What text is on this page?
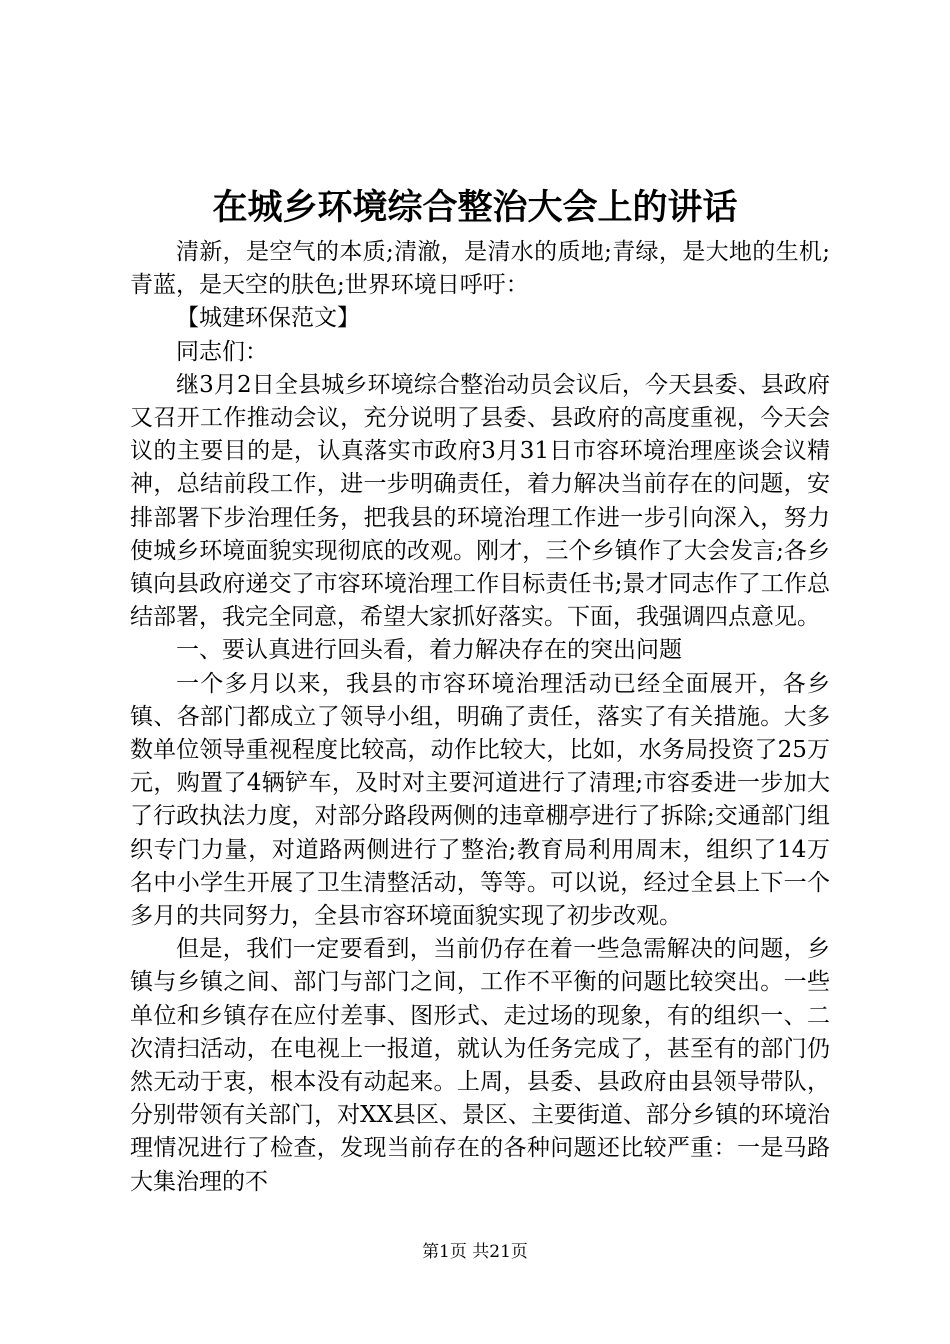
在城乡环境综合整治大会上的讲话

清新，是空气的本质;清澈，是清水的质地;青绿，是大地的生机;青蓝，是天空的肤色;世界环境日呼吁：

【城建环保范文】

同志们：

继3月2日全县城乡环境综合整治动员会议后，今天县委、县政府又召开工作推动会议，充分说明了县委、县政府的高度重视，今天会议的主要目的是，认真落实市政府3月31日市容环境治理座谈会议精神，总结前段工作，进一步明确责任，着力解决当前存在的问题，安排部署下步治理任务，把我县的环境治理工作进一步引向深入，努力使城乡环境面貌实现彻底的改观。刚才，三个乡镇作了大会发言;各乡镇向县政府递交了市容环境治理工作目标责任书;景才同志作了工作总结部署，我完全同意，希望大家抓好落实。下面，我强调四点意见。

一、要认真进行回头看，着力解决存在的突出问题

一个多月以来，我县的市容环境治理活动已经全面展开，各乡镇、各部门都成立了领导小组，明确了责任，落实了有关措施。大多数单位领导重视程度比较高，动作比较大，比如，水务局投资了25万元，购置了4辆铲车，及时对主要河道进行了清理;市容委进一步加大了行政执法力度，对部分路段两侧的违章棚亭进行了拆除;交通部门组织专门力量，对道路两侧进行了整治;教育局利用周末，组织了14万名中小学生开展了卫生清整活动，等等。可以说，经过全县上下一个多月的共同努力，全县市容环境面貌实现了初步改观。

但是，我们一定要看到，当前仍存在着一些急需解决的问题，乡镇与乡镇之间、部门与部门之间，工作不平衡的问题比较突出。一些单位和乡镇存在应付差事、图形式、走过场的现象，有的组织一、二次清扫活动，在电视上一报道，就认为任务完成了，甚至有的部门仍然无动于衷，根本没有动起来。上周，县委、县政府由县领导带队，分别带领有关部门，对XX县区、景区、主要街道、部分乡镇的环境治理情况进行了检查，发现当前存在的各种问题还比较严重：一是马路大集治理的不

第1页 共21页
